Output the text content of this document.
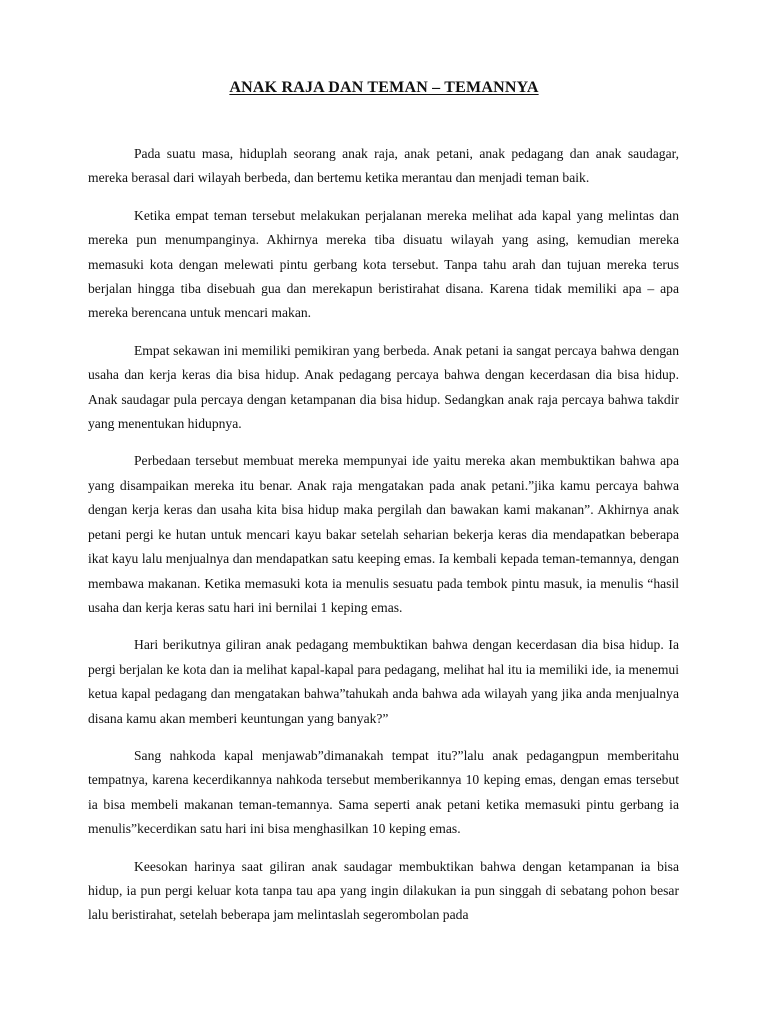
ANAK RAJA DAN TEMAN – TEMANNYA

Pada suatu masa, hiduplah seorang anak raja, anak petani, anak pedagang dan anak saudagar, mereka berasal dari wilayah berbeda, dan bertemu ketika merantau dan menjadi teman baik.

Ketika empat teman tersebut melakukan perjalanan mereka melihat ada kapal yang melintas dan mereka pun menumpanginya. Akhirnya mereka tiba disuatu wilayah yang asing, kemudian mereka memasuki kota dengan melewati pintu gerbang kota tersebut. Tanpa tahu arah dan tujuan mereka terus berjalan hingga tiba disebuah gua dan merekapun beristirahat disana. Karena tidak memiliki apa – apa mereka berencana untuk mencari makan.

Empat sekawan ini memiliki pemikiran yang berbeda. Anak petani ia sangat percaya bahwa dengan usaha dan kerja keras dia bisa hidup. Anak pedagang percaya bahwa dengan kecerdasan dia bisa hidup. Anak saudagar pula percaya dengan ketampanan dia bisa hidup. Sedangkan anak raja percaya bahwa takdir yang menentukan hidupnya.

Perbedaan tersebut membuat mereka mempunyai ide yaitu mereka akan membuktikan bahwa apa yang disampaikan mereka itu benar. Anak raja mengatakan pada anak petani.”jika kamu percaya bahwa dengan kerja keras dan usaha kita bisa hidup maka pergilah dan bawakan kami makanan”. Akhirnya anak petani pergi ke hutan untuk mencari kayu bakar setelah seharian bekerja keras dia mendapatkan beberapa ikat kayu lalu menjualnya dan mendapatkan satu keeping emas. Ia kembali kepada teman-temannya, dengan membawa makanan. Ketika memasuki kota ia menulis sesuatu pada tembok pintu masuk, ia menulis “hasil usaha dan kerja keras satu hari ini bernilai 1 keping emas.

Hari berikutnya giliran anak pedagang membuktikan bahwa dengan kecerdasan dia bisa hidup. Ia pergi berjalan ke kota dan ia melihat kapal-kapal para pedagang, melihat hal itu ia memiliki ide, ia menemui ketua kapal pedagang dan mengatakan bahwa”tahukah anda bahwa ada wilayah yang jika anda menjualnya disana kamu akan memberi keuntungan yang banyak?”

Sang nahkoda kapal menjawab”dimanakah tempat itu?”lalu anak pedagangpun memberitahu tempatnya, karena kecerdikannya nahkoda tersebut memberikannya 10 keping emas, dengan emas tersebut ia bisa membeli makanan teman-temannya. Sama seperti anak petani ketika memasuki pintu gerbang ia menulis”kecerdikan satu hari ini bisa menghasilkan 10 keping emas.

Keesokan harinya saat giliran anak saudagar membuktikan bahwa dengan ketampanan ia bisa hidup, ia pun pergi keluar kota tanpa tau apa yang ingin dilakukan ia pun singgah di sebatang pohon besar lalu beristirahat, setelah beberapa jam melintaslah segerombolan pada
